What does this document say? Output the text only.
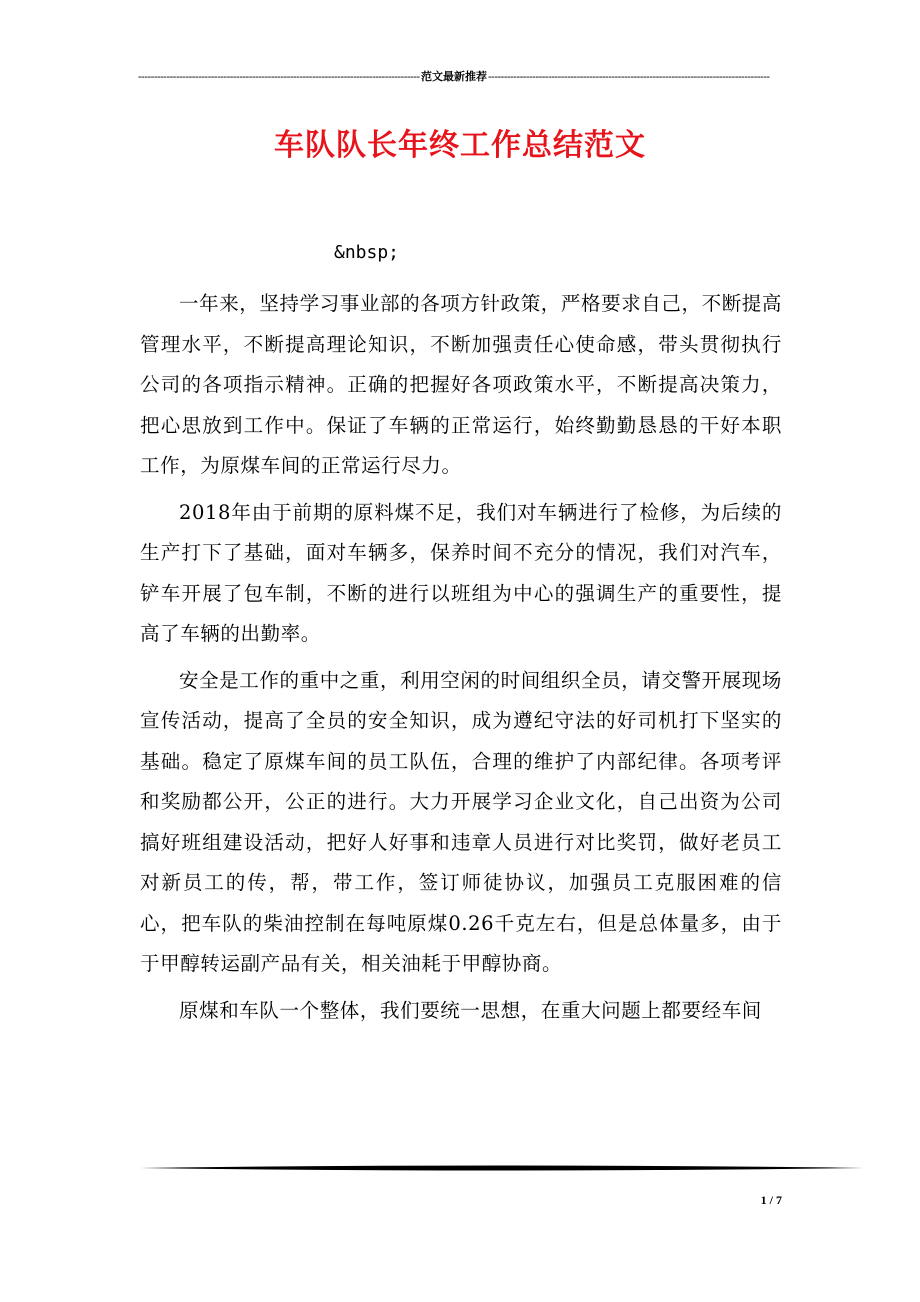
-----
范文最新推荐
-----
车队队长年终工作总结范文
&nbsp;

一年来，坚持学习事业部的各项方针政策，严格要求自己，不断提高管理水平，不断提高理论知识，不断加强责任心使命感，带头贯彻执行公司的各项指示精神。正确的把握好各项政策水平，不断提高决策力，把心思放到工作中。保证了车辆的正常运行，始终勤勤恳恳的干好本职工作，为原煤车间的正常运行尽力。

2018年由于前期的原料煤不足，我们对车辆进行了检修，为后续的生产打下了基础，面对车辆多，保养时间不充分的情况，我们对汽车，铲车开展了包车制，不断的进行以班组为中心的强调生产的重要性，提高了车辆的出勤率。

安全是工作的重中之重，利用空闲的时间组织全员，请交警开展现场宣传活动，提高了全员的安全知识，成为遵纪守法的好司机打下坚实的基础。稳定了原煤车间的员工队伍，合理的维护了内部纪律。各项考评和奖励都公开，公正的进行。大力开展学习企业文化，自己出资为公司搞好班组建设活动，把好人好事和违章人员进行对比奖罚，做好老员工对新员工的传，帮，带工作，签订师徒协议，加强员工克服困难的信心，把车队的柴油控制在每吨原煤0.26千克左右，但是总体量多，由于于甲醇转运副产品有关，相关油耗于甲醇协商。

原煤和车队一个整体，我们要统一思想，在重大问题上都要经车间

1 / 7
